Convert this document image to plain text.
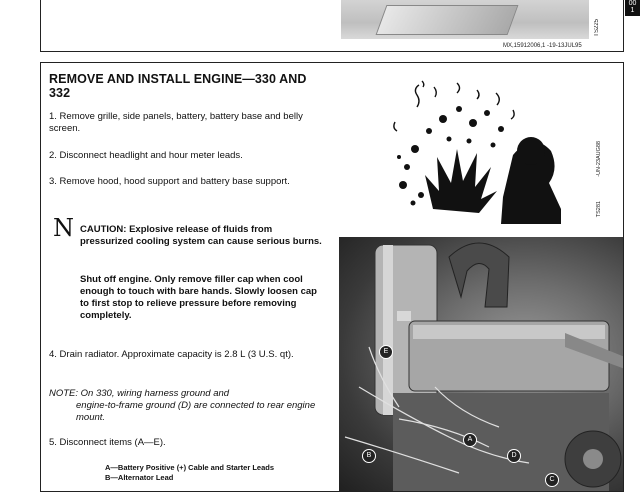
TS225
MX,15912006,1 -19-13JUL95
00
1
REMOVE AND INSTALL ENGINE—330 AND 332
1. Remove grille, side panels, battery, battery base and belly screen.
2. Disconnect headlight and hour meter leads.
3. Remove hood, hood support and battery base support.
N CAUTION: Explosive release of fluids from pressurized cooling system can cause serious burns.
Shut off engine. Only remove filler cap when cool enough to touch with bare hands. Slowly loosen cap to first stop to relieve pressure before removing completely.
4. Drain radiator. Approximate capacity is 2.8 L (3 U.S. qt).
NOTE: On 330, wiring harness ground and
engine-to-frame ground (D) are connected to rear engine mount.
5. Disconnect items (A—E).
A—Battery Positive (+) Cable and Starter Leads
B—Alternator Lead
E
B
A
D
C
-UN-23AUG88
TS281
